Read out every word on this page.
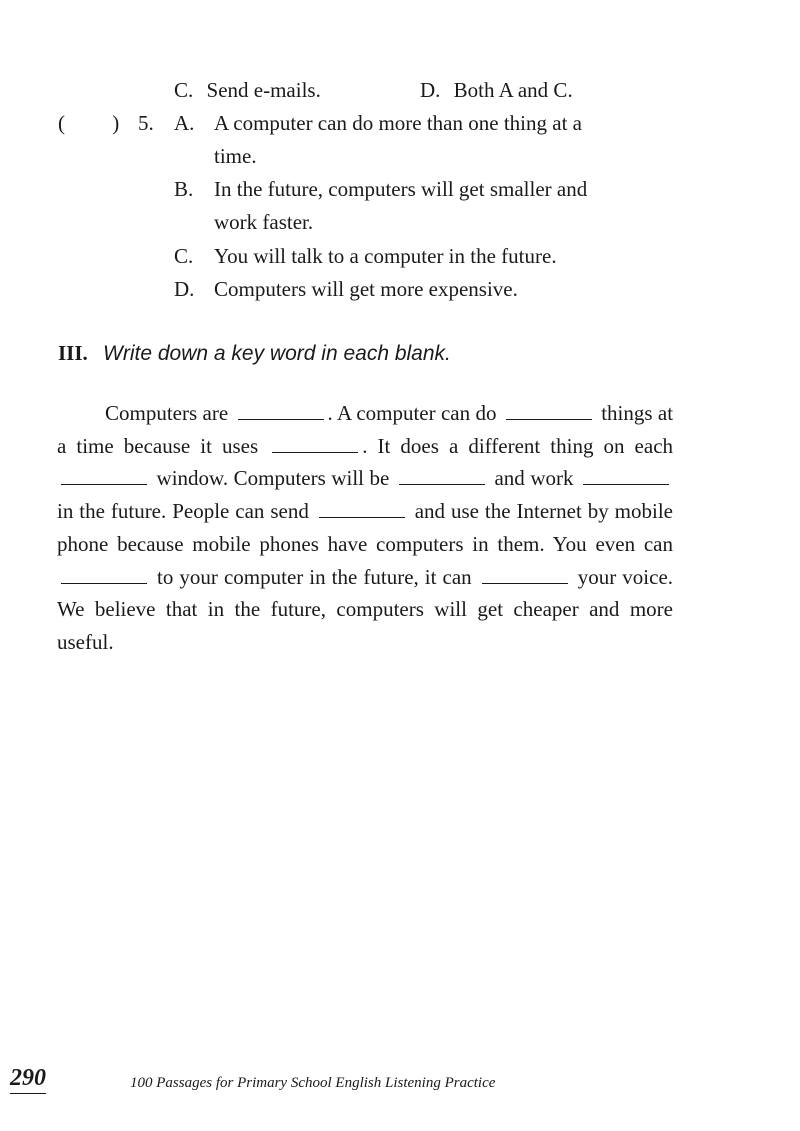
C. Send e-mails.	D. Both A and C.
( ) 5. A. A computer can do more than one thing at a
time.
B. In the future, computers will get smaller and
work faster.
C. You will talk to a computer in the future.
D. Computers will get more expensive.
III. Write down a key word in each blank.

Computers are	. A computer can do	things at a time because it uses	. It does a different thing on each  window. Computers will be	and work  in the future. People can send	and use the Internet by mobile phone because mobile phones have computers in them. You even can  to your computer in the future, it can	your voice. We believe that in the future, computers will get cheaper and more useful.

290	100 Passages for Primary School English Listening Practice
